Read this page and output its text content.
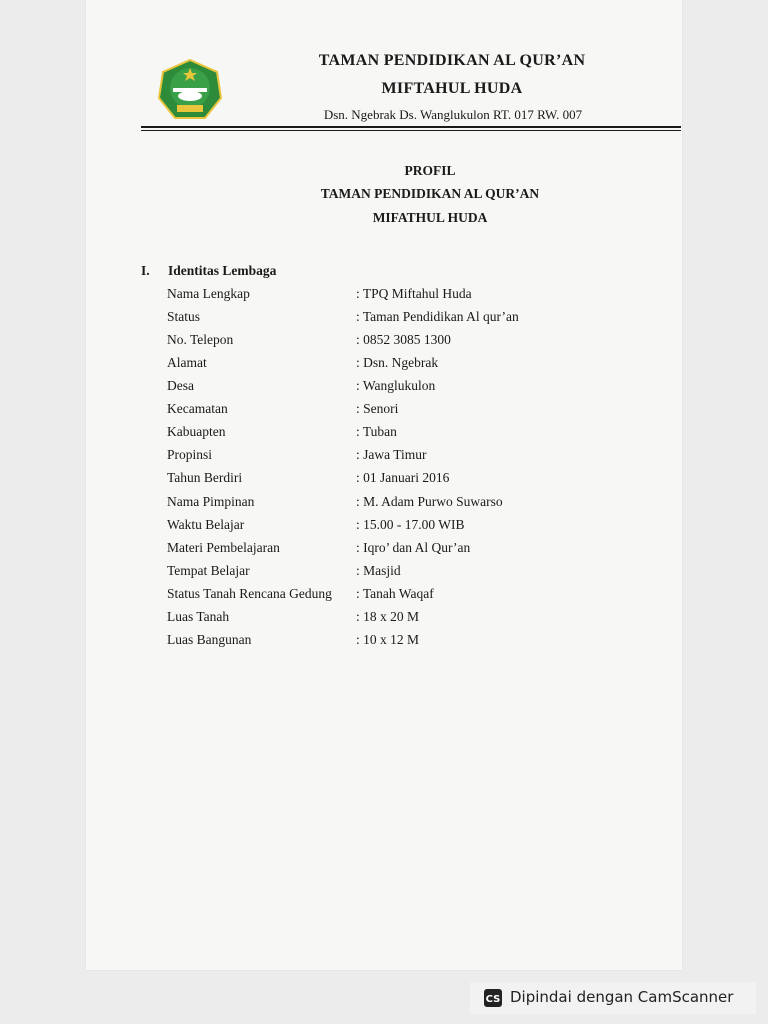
TAMAN PENDIDIKAN AL QUR’AN
MIFTAHUL HUDA
Dsn. Ngebrak Ds. Wanglukulon RT. 017 RW. 007
PROFIL
TAMAN PENDIDIKAN AL QUR’AN
MIFATHUL HUDA
I. Identitas Lembaga
Nama Lengkap	: TPQ Miftahul Huda
Status	: Taman Pendidikan Al qur’an
No. Telepon	: 0852 3085 1300
Alamat	: Dsn. Ngebrak
Desa	: Wanglukulon
Kecamatan	: Senori
Kabuapten	: Tuban
Propinsi	: Jawa Timur
Tahun Berdiri	: 01 Januari 2016
Nama Pimpinan	: M. Adam Purwo Suwarso
Waktu Belajar	: 15.00 - 17.00 WIB
Materi Pembelajaran	: Iqro’ dan Al Qur’an
Tempat Belajar	: Masjid
Status Tanah Rencana Gedung : Tanah Waqaf
Luas Tanah	: 18 x 20 M
Luas Bangunan	: 10 x 12 M
CS Dipindai dengan CamScanner
